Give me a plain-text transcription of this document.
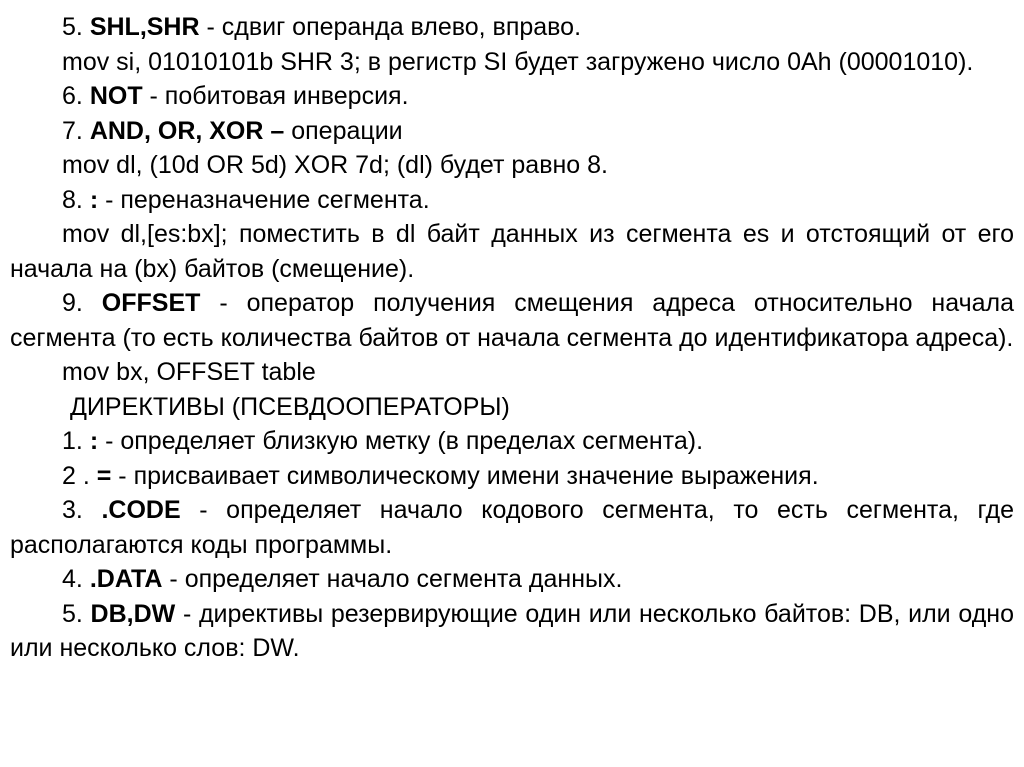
5. SHL,SHR - сдвиг операнда влево, вправо.

mov si, 01010101b SHR 3; в регистр SI будет загружено число 0Ah (00001010).

6. NOT - побитовая инверсия.

7. AND, OR, XOR – операции

mov dl, (10d OR 5d) XOR 7d; (dl) будет равно 8.

8. : - переназначение сегмента.

mov dl,[es:bx]; поместить в dl байт данных из сегмента es и отстоящий от его начала на (bx) байтов (смещение).

9. OFFSET - оператор получения смещения адреса относительно начала сегмента (то есть количества байтов от начала сегмента до идентификатора адреса).

mov bx, OFFSET table

ДИРЕКТИВЫ (ПСЕВДООПЕРАТОРЫ)

1. : - определяет близкую метку (в пределах сегмента).

2 . = - присваивает символическому имени значение выражения.

3. .CODE - определяет начало кодового сегмента, то есть сегмента, где располагаются коды программы.

4. .DATA - определяет начало сегмента данных.

5. DB,DW - директивы резервирующие один или несколько байтов: DB, или одно или несколько слов: DW.
